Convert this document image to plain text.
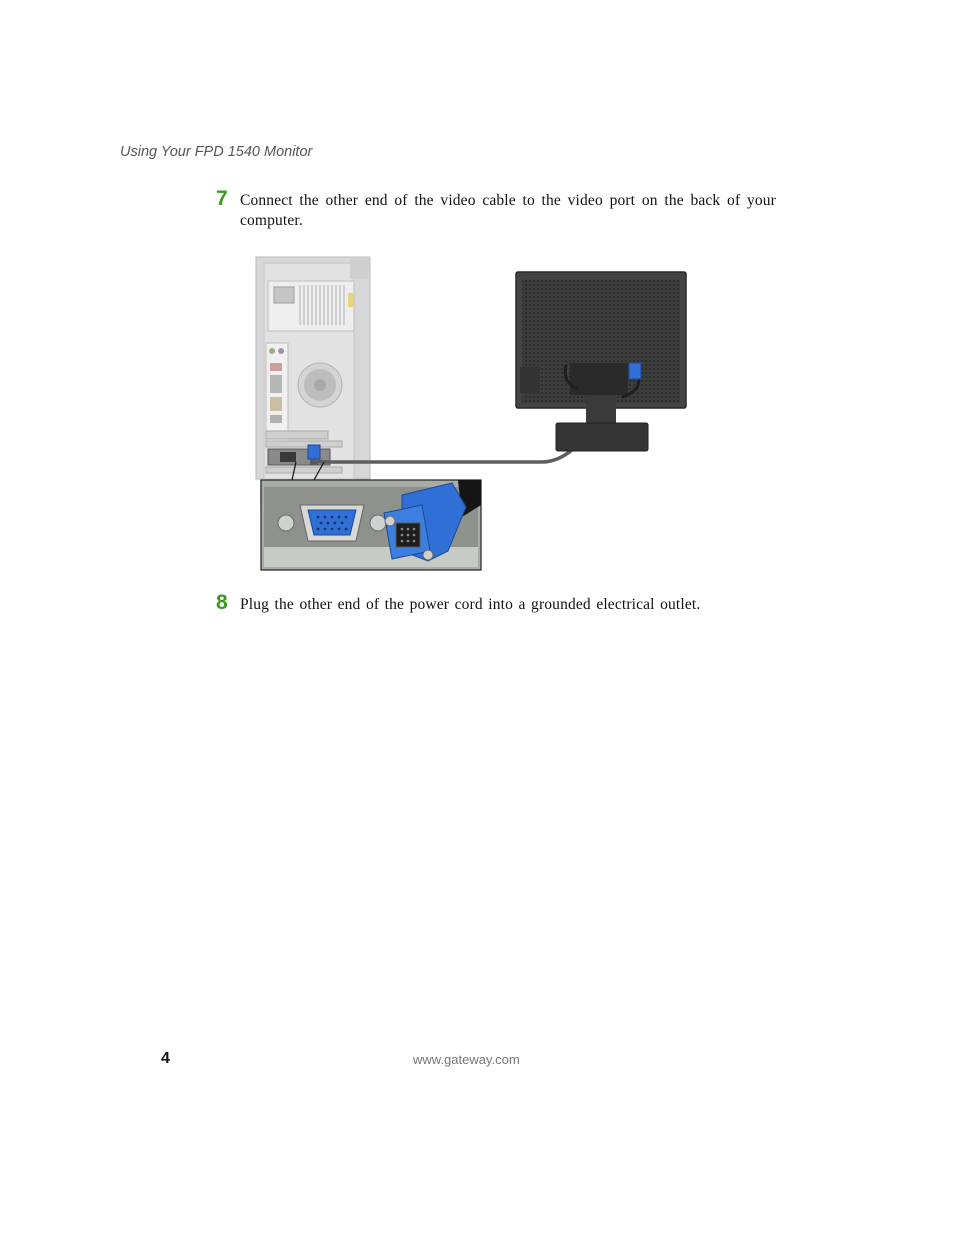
Using Your FPD 1540 Monitor
7 Connect the other end of the video cable to the video port on the back of your computer.
8 Plug the other end of the power cord into a grounded electrical outlet.
4	www.gateway.com
